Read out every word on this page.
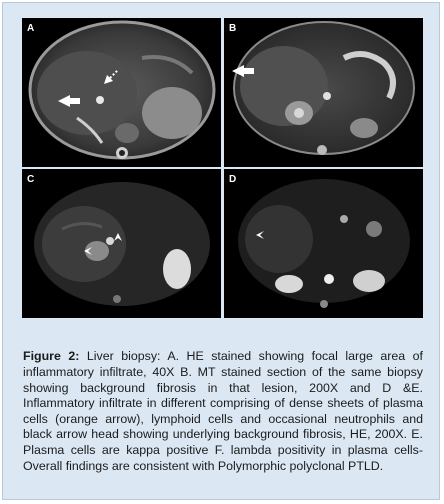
A	B
C	D

Figure 2: Liver biopsy: A. HE stained showing focal large area of inflammatory infiltrate, 40X B. MT stained section of the same biopsy showing background fibrosis in that lesion, 200X and D &E. Inflammatory infiltrate in different comprising of dense sheets of plasma cells (orange arrow), lymphoid cells and occasional neutrophils and black arrow head showing underlying background fibrosis, HE, 200X. E. Plasma cells are kappa positive F. lambda positivity in plasma cells- Overall findings are consistent with Polymorphic polyclonal PTLD.
